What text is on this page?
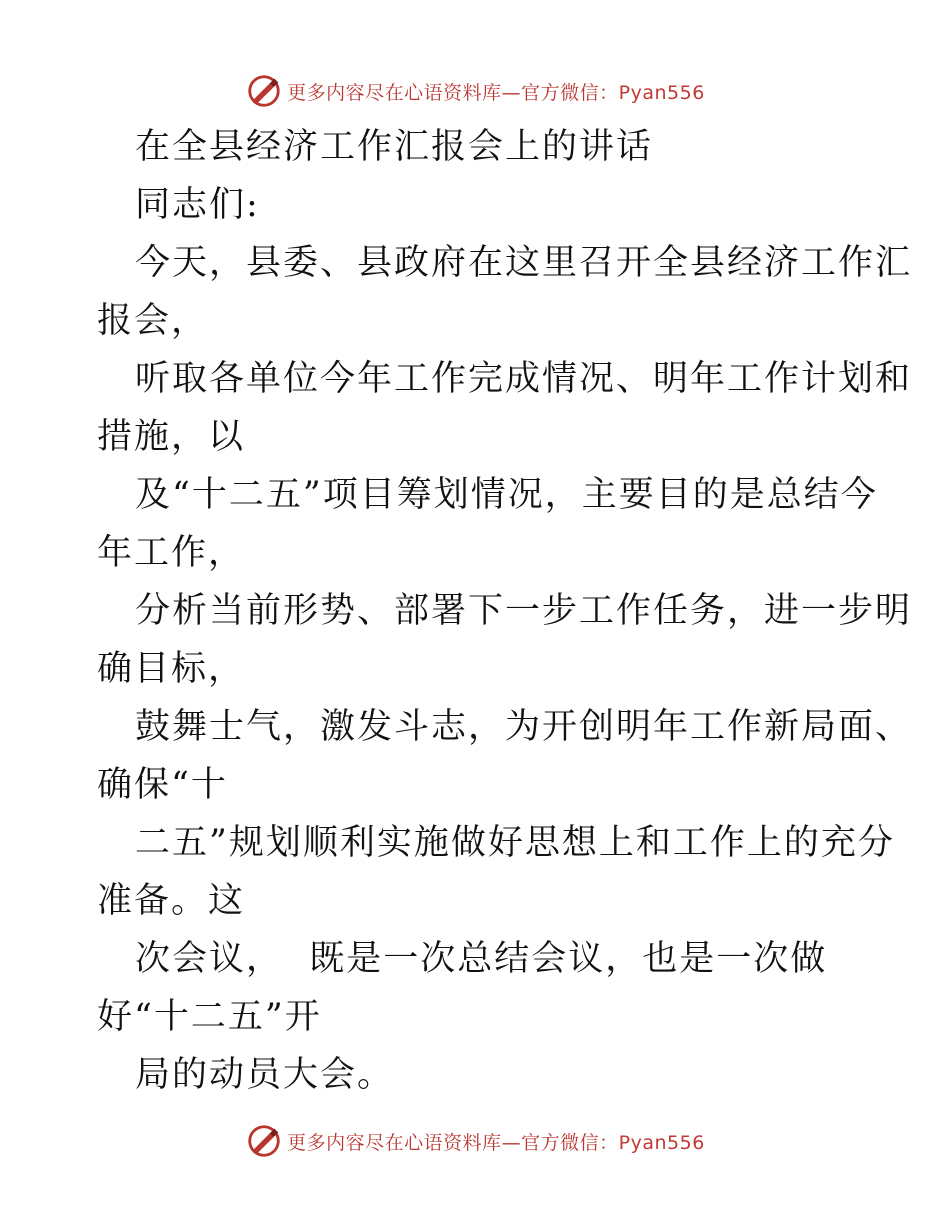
更多内容尽在心语资料库—官方微信：Pyan556
在全县经济工作汇报会上的讲话
同志们:
今天，县委、县政府在这里召开全县经济工作汇
报会，
听取各单位今年工作完成情况、明年工作计划和
措施，以
及“十二五”项目筹划情况，主要目的是总结今
年工作，
分析当前形势、部署下一步工作任务，进一步明
确目标，
鼓舞士气，激发斗志，为开创明年工作新局面、
确保“十
二五”规划顺利实施做好思想上和工作上的充分
准备。这
次会议，  既是一次总结会议，也是一次做
好“十二五”开
局的动员大会。
更多内容尽在心语资料库—官方微信：Pyan556
